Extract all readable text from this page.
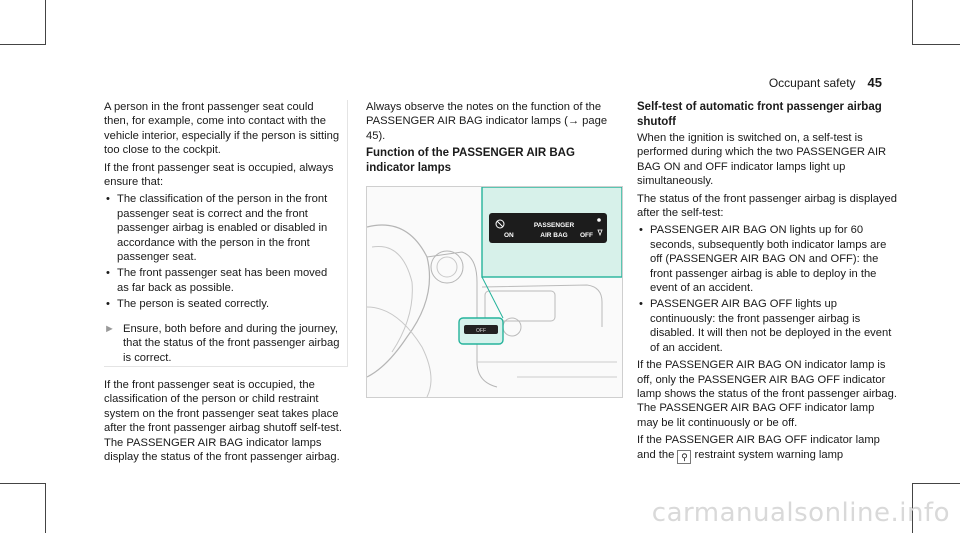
Occupant safety 45

A person in the front passenger seat could then, for example, come into contact with the vehicle interior, especially if the person is sitting too close to the cockpit.

If the front passenger seat is occupied, always ensure that:

• The classification of the person in the front passenger seat is correct and the front passenger airbag is enabled or disabled in accordance with the person in the front passenger seat.
• The front passenger seat has been moved as far back as possible.
• The person is seated correctly.
► Ensure, both before and during the journey, that the status of the front passenger airbag is correct.

If the front passenger seat is occupied, the classification of the person or child restraint system on the front passenger seat takes place after the front passenger airbag shutoff self-test. The PASSENGER AIR BAG indicator lamps display the status of the front passenger airbag.

Always observe the notes on the function of the PASSENGER AIR BAG indicator lamps (→ page 45).

Function of the PASSENGER AIR BAG indicator lamps
OFF
PASSENGER
ON	AIR BAG OFF
Self-test of automatic front passenger airbag shutoff

When the ignition is switched on, a self-test is performed during which the two PASSENGER AIR BAG ON and OFF indicator lamps light up simultaneously.

The status of the front passenger airbag is displayed after the self-test:

• PASSENGER AIR BAG ON lights up for 60 seconds, subsequently both indicator lamps are off (PASSENGER AIR BAG ON and OFF): the front passenger airbag is able to deploy in the event of an accident.
• PASSENGER AIR BAG OFF lights up continuously: the front passenger airbag is disabled. It will then not be deployed in the event of an accident.

If the PASSENGER AIR BAG ON indicator lamp is off, only the PASSENGER AIR BAG OFF indicator lamp shows the status of the front passenger airbag. The PASSENGER AIR BAG OFF indicator lamp may be lit continuously or be off.

If the PASSENGER AIR BAG OFF indicator lamp and the ⚲ restraint system warning lamp

carmanualsonline.info
